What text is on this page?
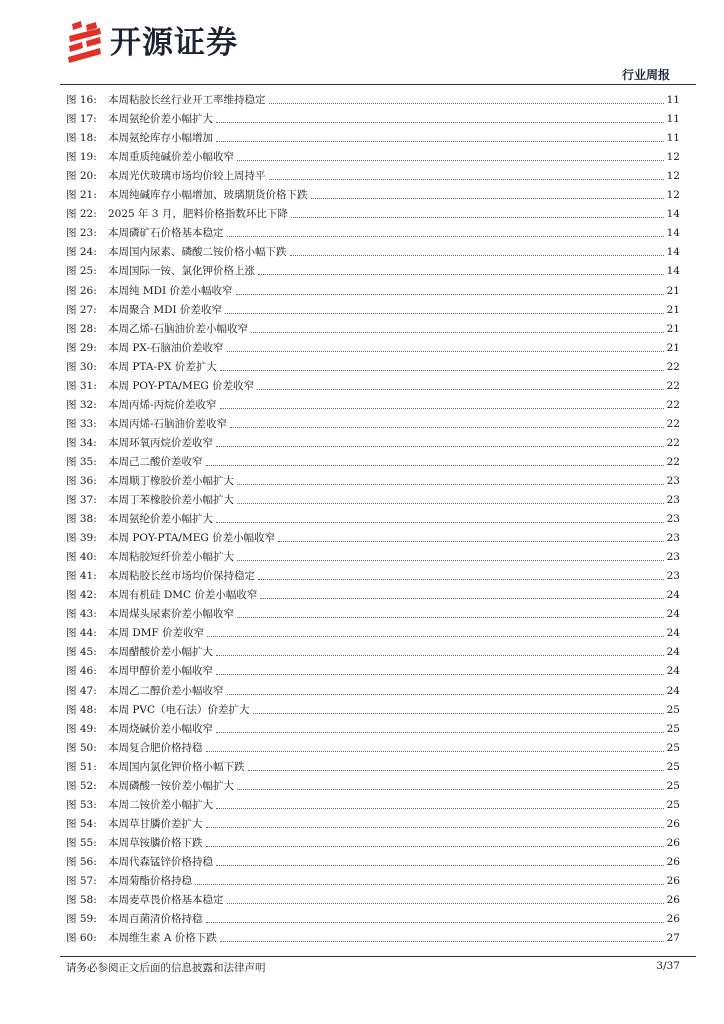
开源证券
行业周报
图 16:	本周粘胶长丝行业开工率维持稳定	11
图 17:	本周氨纶价差小幅扩大	11
图 18:	本周氨纶库存小幅增加	11
图 19:	本周重质纯碱价差小幅收窄	12
图 20:	本周光伏玻璃市场均价较上周持平	12
图 21:	本周纯碱库存小幅增加、玻璃期货价格下跌	12
图 22:	2025 年 3 月，肥料价格指数环比下降	14
图 23:	本周磷矿石价格基本稳定	14
图 24:	本周国内尿素、磷酸二铵价格小幅下跌	14
图 25:	本周国际一铵、氯化钾价格上涨	14
图 26:	本周纯 MDI 价差小幅收窄	21
图 27:	本周聚合 MDI 价差收窄	21
图 28:	本周乙烯-石脑油价差小幅收窄	21
图 29:	本周 PX-石脑油价差收窄	21
图 30:	本周 PTA-PX 价差扩大	22
图 31:	本周 POY-PTA/MEG 价差收窄	22
图 32:	本周丙烯-丙烷价差收窄	22
图 33:	本周丙烯-石脑油价差收窄	22
图 34:	本周环氧丙烷价差收窄	22
图 35:	本周己二酸价差收窄	22
图 36:	本周顺丁橡胶价差小幅扩大	23
图 37:	本周丁苯橡胶价差小幅扩大	23
图 38:	本周氨纶价差小幅扩大	23
图 39:	本周 POY-PTA/MEG 价差小幅收窄	23
图 40:	本周粘胶短纤价差小幅扩大	23
图 41:	本周粘胶长丝市场均价保持稳定	23
图 42:	本周有机硅 DMC 价差小幅收窄	24
图 43:	本周煤头尿素价差小幅收窄	24
图 44:	本周 DMF 价差收窄	24
图 45:	本周醋酸价差小幅扩大	24
图 46:	本周甲醇价差小幅收窄	24
图 47:	本周乙二醇价差小幅收窄	24
图 48:	本周 PVC（电石法）价差扩大	25
图 49:	本周烧碱价差小幅收窄	25
图 50:	本周复合肥价格持稳	25
图 51:	本周国内氯化钾价格小幅下跌	25
图 52:	本周磷酸一铵价差小幅扩大	25
图 53:	本周二铵价差小幅扩大	25
图 54:	本周草甘膦价差扩大	26
图 55:	本周草铵膦价格下跌	26
图 56:	本周代森锰锌价格持稳	26
图 57:	本周菊酯价格持稳	26
图 58:	本周麦草畏价格基本稳定	26
图 59:	本周百菌清价格持稳	26
图 60:	本周维生素 A 价格下跌	27
请务必参阅正文后面的信息披露和法律声明	3/37
